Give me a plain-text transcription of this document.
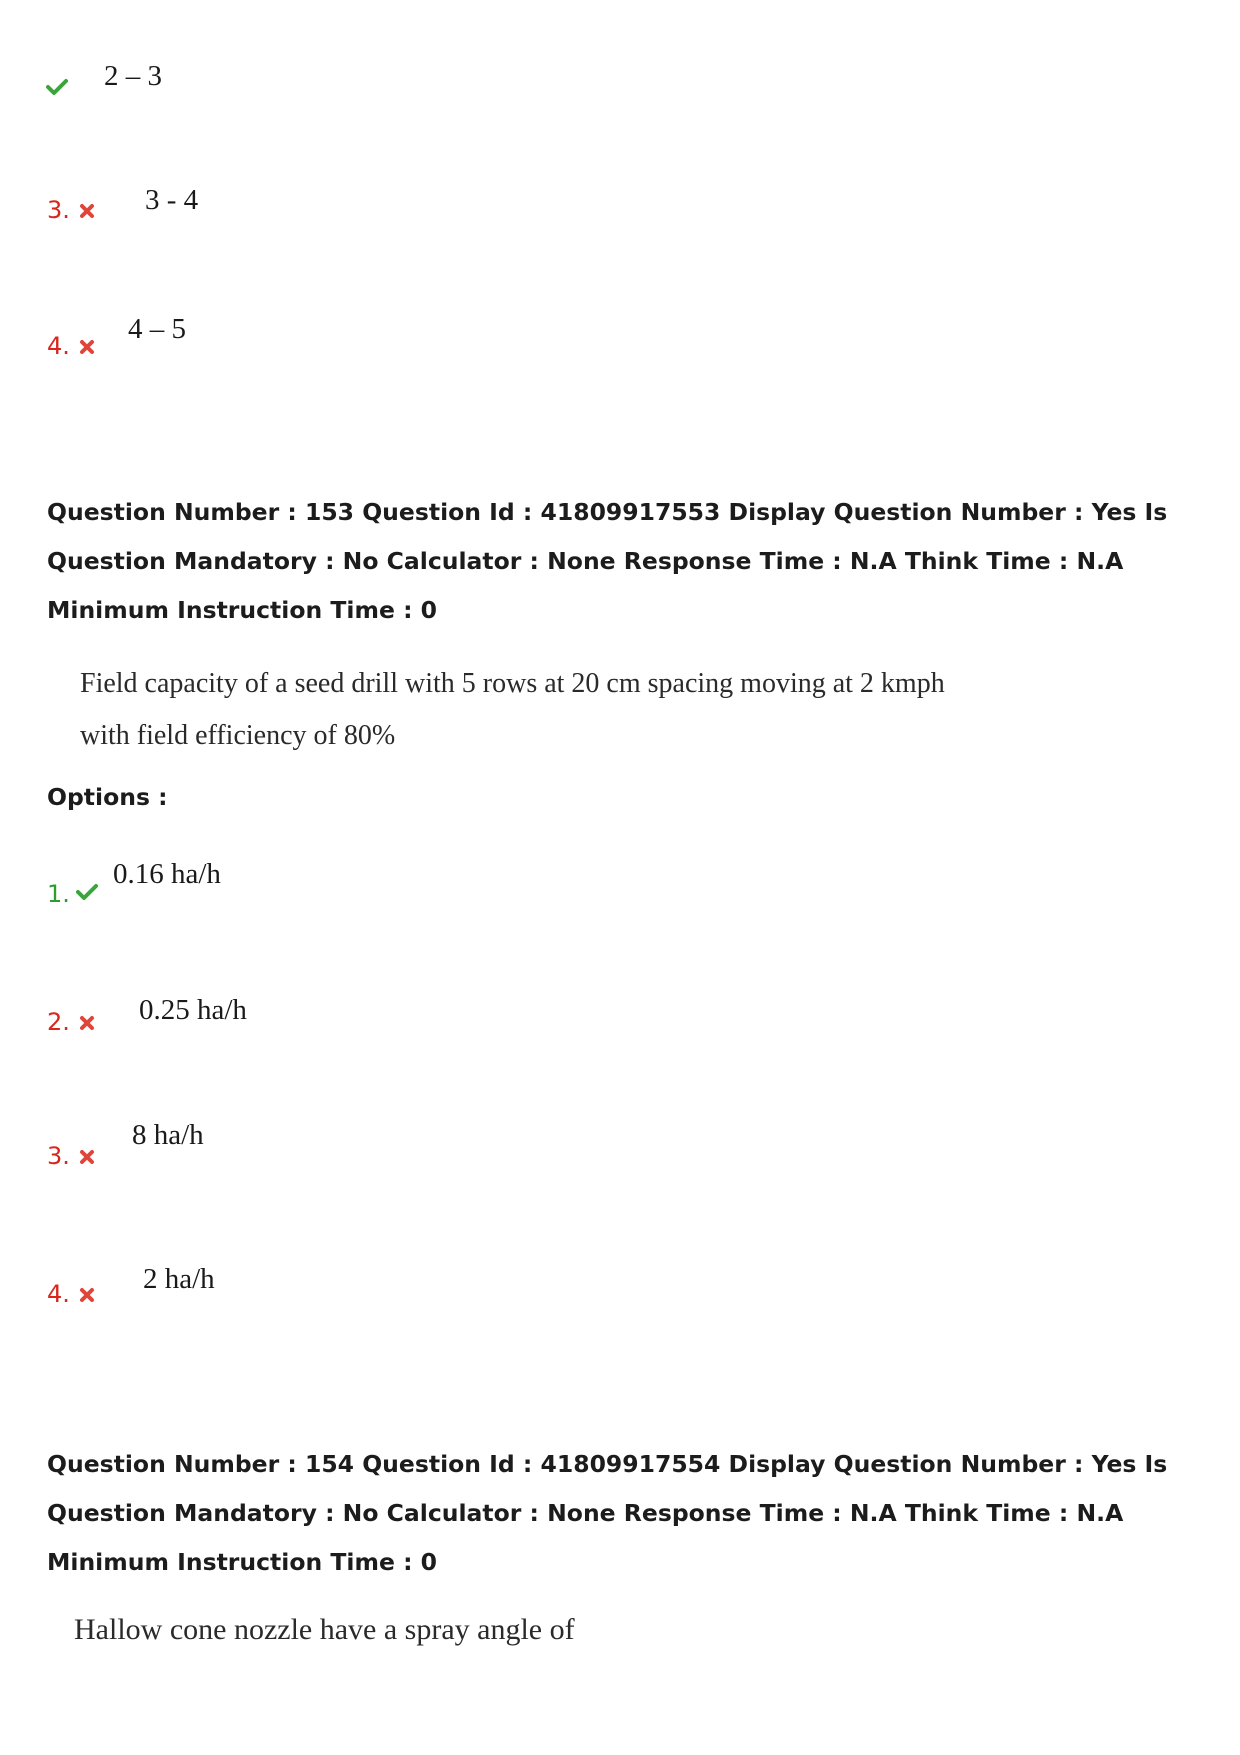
2 – 3
3.	3 - 4
4.
4 – 5
Question Number : 153 Question Id : 41809917553 Display Question Number : Yes Is Question Mandatory : No Calculator : None Response Time : N.A Think Time : N.A Minimum Instruction Time : 0
Field capacity of a seed drill with 5 rows at 20 cm spacing moving at 2 kmph
with field efficiency of 80%
Options :
1.
0.16 ha/h
2. 0.25 ha/h
3.
8 ha/h
4.	2 ha/h
Question Number : 154 Question Id : 41809917554 Display Question Number : Yes Is Question Mandatory : No Calculator : None Response Time : N.A Think Time : N.A Minimum Instruction Time : 0
Hallow cone nozzle have a spray angle of
